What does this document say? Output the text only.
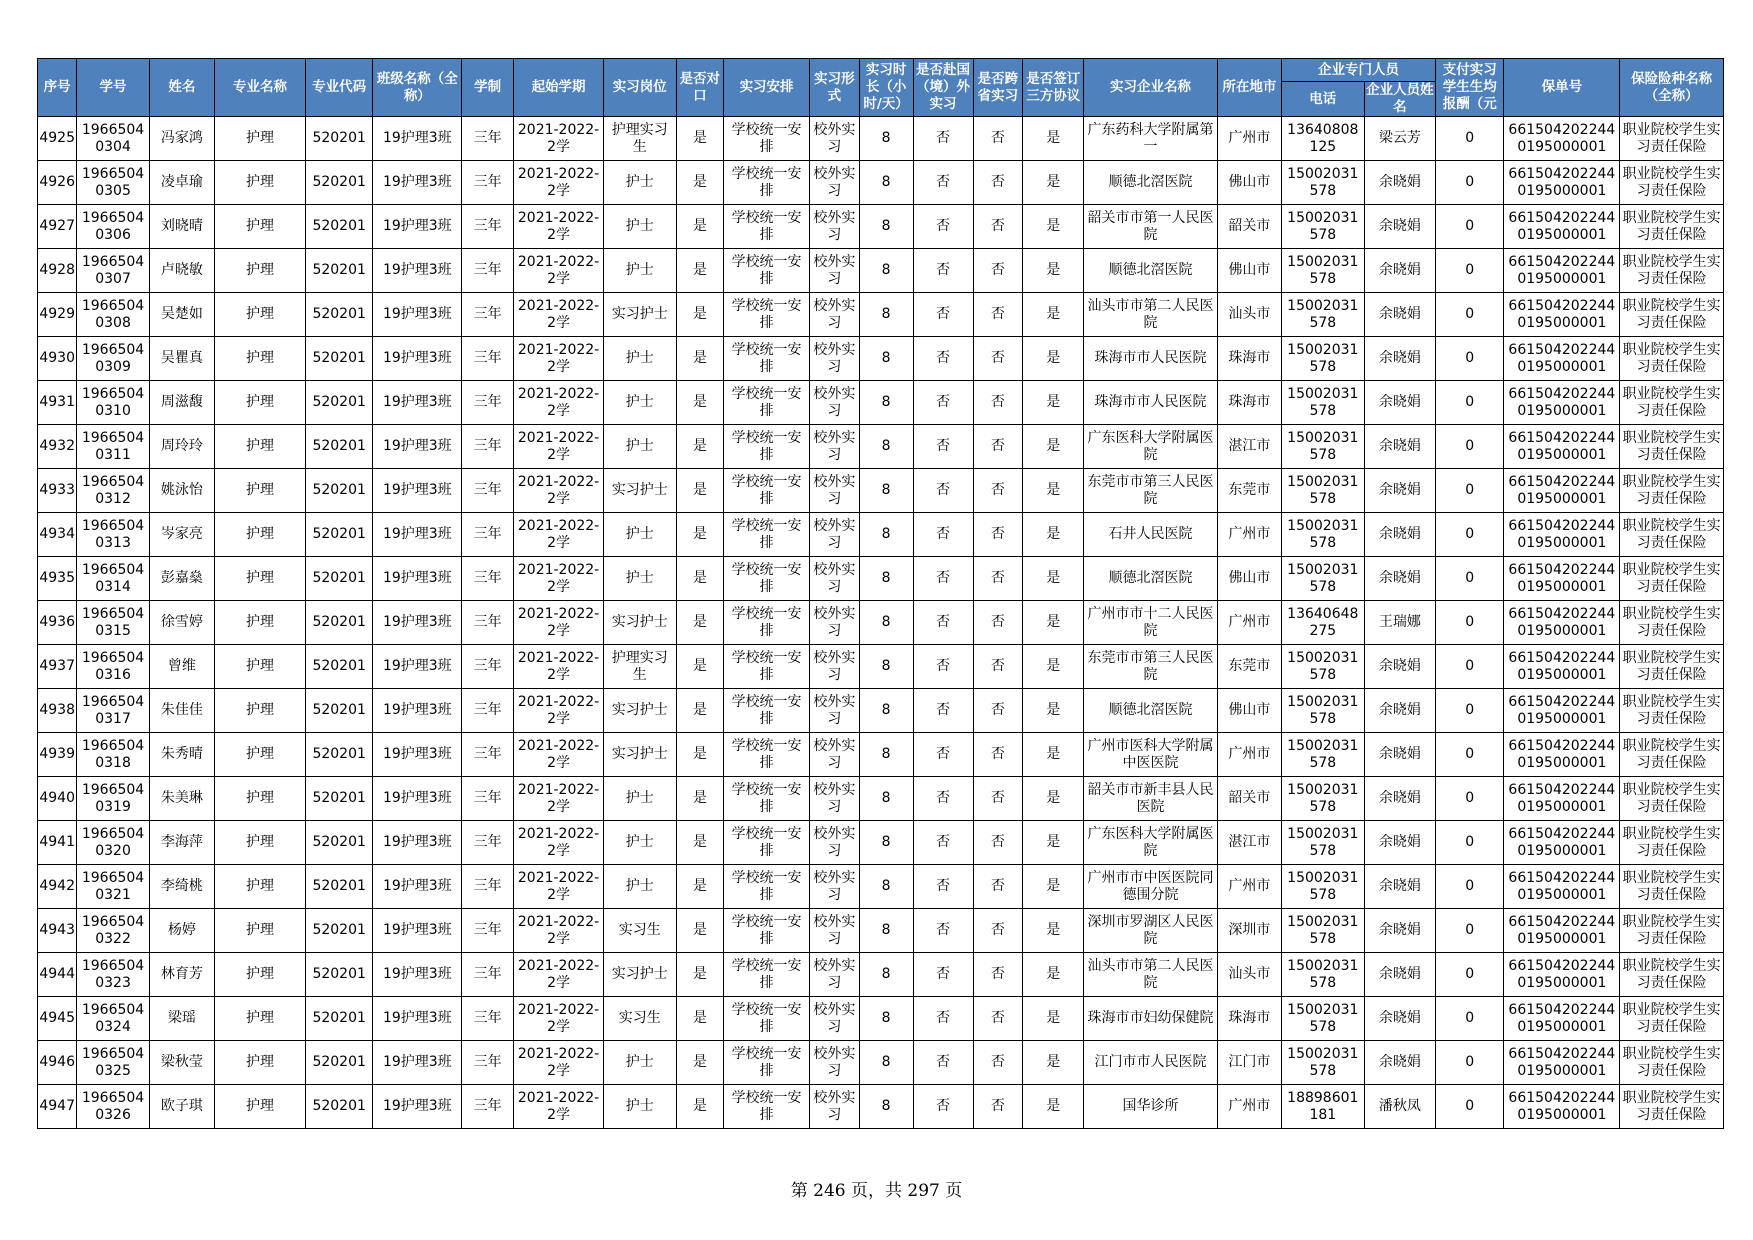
序号	学号	姓名	专业名称	专业代码	班级名称（全称）	学制	起始学期	实习岗位	是否对口	实习安排	实习形式	实习时长（小时/天）	是否赴国（境）外实习	是否跨省实习	是否签订三方协议	实习企业名称	所在地市	企业专门人员		支付实习学生生均报酬（元	保单号	保险险种名称（全称）
																		电话	企业人员姓名			

4925	19665040304	冯家鸿	护理	520201	19护理3班	三年	2021-2022-2学	护理实习生	是	学校统一安排	校外实习	8	否	否	是	广东药科大学附属第一	广州市	13640808125	梁云芳	0	6615042022440195000001	职业院校学生实习责任保险

4926	19665040305	凌卓瑜	护理	520201	19护理3班	三年	2021-2022-2学	护士	是	学校统一安排	校外实习	8	否	否	是	顺德北滘医院	佛山市	15002031578	余晓娟	0	6615042022440195000001	职业院校学生实习责任保险

4927	19665040306	刘晓晴	护理	520201	19护理3班	三年	2021-2022-2学	护士	是	学校统一安排	校外实习	8	否	否	是	韶关市市第一人民医院	韶关市	15002031578	余晓娟	0	6615042022440195000001	职业院校学生实习责任保险

4928	19665040307	卢晓敏	护理	520201	19护理3班	三年	2021-2022-2学	护士	是	学校统一安排	校外实习	8	否	否	是	顺德北滘医院	佛山市	15002031578	余晓娟	0	6615042022440195000001	职业院校学生实习责任保险

4929	19665040308	吴楚如	护理	520201	19护理3班	三年	2021-2022-2学	实习护士	是	学校统一安排	校外实习	8	否	否	是	汕头市市第二人民医院	汕头市	15002031578	余晓娟	0	6615042022440195000001	职业院校学生实习责任保险

4930	19665040309	吴瞿真	护理	520201	19护理3班	三年	2021-2022-2学	护士	是	学校统一安排	校外实习	8	否	否	是	珠海市市人民医院	珠海市	15002031578	余晓娟	0	6615042022440195000001	职业院校学生实习责任保险

4931	19665040310	周滋馥	护理	520201	19护理3班	三年	2021-2022-2学	护士	是	学校统一安排	校外实习	8	否	否	是	珠海市市人民医院	珠海市	15002031578	余晓娟	0	6615042022440195000001	职业院校学生实习责任保险

4932	19665040311	周玲玲	护理	520201	19护理3班	三年	2021-2022-2学	护士	是	学校统一安排	校外实习	8	否	否	是	广东医科大学附属医院	湛江市	15002031578	余晓娟	0	6615042022440195000001	职业院校学生实习责任保险

4933	19665040312	姚泳怡	护理	520201	19护理3班	三年	2021-2022-2学	实习护士	是	学校统一安排	校外实习	8	否	否	是	东莞市市第三人民医院	东莞市	15002031578	余晓娟	0	6615042022440195000001	职业院校学生实习责任保险

4934	19665040313	岑家亮	护理	520201	19护理3班	三年	2021-2022-2学	护士	是	学校统一安排	校外实习	8	否	否	是	石井人民医院	广州市	15002031578	余晓娟	0	6615042022440195000001	职业院校学生实习责任保险

4935	19665040314	彭嘉燊	护理	520201	19护理3班	三年	2021-2022-2学	护士	是	学校统一安排	校外实习	8	否	否	是	顺德北滘医院	佛山市	15002031578	余晓娟	0	6615042022440195000001	职业院校学生实习责任保险

4936	19665040315	徐雪婷	护理	520201	19护理3班	三年	2021-2022-2学	实习护士	是	学校统一安排	校外实习	8	否	否	是	广州市市十二人民医院	广州市	13640648275	王瑞娜	0	6615042022440195000001	职业院校学生实习责任保险

4937	19665040316	曾维	护理	520201	19护理3班	三年	2021-2022-2学	护理实习生	是	学校统一安排	校外实习	8	否	否	是	东莞市市第三人民医院	东莞市	15002031578	余晓娟	0	6615042022440195000001	职业院校学生实习责任保险

4938	19665040317	朱佳佳	护理	520201	19护理3班	三年	2021-2022-2学	实习护士	是	学校统一安排	校外实习	8	否	否	是	顺德北滘医院	佛山市	15002031578	余晓娟	0	6615042022440195000001	职业院校学生实习责任保险

4939	19665040318	朱秀晴	护理	520201	19护理3班	三年	2021-2022-2学	实习护士	是	学校统一安排	校外实习	8	否	否	是	广州市医科大学附属中医医院	广州市	15002031578	余晓娟	0	6615042022440195000001	职业院校学生实习责任保险

4940	19665040319	朱美琳	护理	520201	19护理3班	三年	2021-2022-2学	护士	是	学校统一安排	校外实习	8	否	否	是	韶关市市新丰县人民医院	韶关市	15002031578	余晓娟	0	6615042022440195000001	职业院校学生实习责任保险

4941	19665040320	李海萍	护理	520201	19护理3班	三年	2021-2022-2学	护士	是	学校统一安排	校外实习	8	否	否	是	广东医科大学附属医院	湛江市	15002031578	余晓娟	0	6615042022440195000001	职业院校学生实习责任保险

4942	19665040321	李绮桃	护理	520201	19护理3班	三年	2021-2022-2学	护士	是	学校统一安排	校外实习	8	否	否	是	广州市市中医医院同德围分院	广州市	15002031578	余晓娟	0	6615042022440195000001	职业院校学生实习责任保险

4943	19665040322	杨婷	护理	520201	19护理3班	三年	2021-2022-2学	实习生	是	学校统一安排	校外实习	8	否	否	是	深圳市罗湖区人民医院	深圳市	15002031578	余晓娟	0	6615042022440195000001	职业院校学生实习责任保险

4944	19665040323	林育芳	护理	520201	19护理3班	三年	2021-2022-2学	实习护士	是	学校统一安排	校外实习	8	否	否	是	汕头市市第二人民医院	汕头市	15002031578	余晓娟	0	6615042022440195000001	职业院校学生实习责任保险

4945	19665040324	梁瑶	护理	520201	19护理3班	三年	2021-2022-2学	实习生	是	学校统一安排	校外实习	8	否	否	是	珠海市市妇幼保健院	珠海市	15002031578	余晓娟	0	6615042022440195000001	职业院校学生实习责任保险

4946	19665040325	梁秋莹	护理	520201	19护理3班	三年	2021-2022-2学	护士	是	学校统一安排	校外实习	8	否	否	是	江门市市人民医院	江门市	15002031578	余晓娟	0	6615042022440195000001	职业院校学生实习责任保险

4947	19665040326	欧子琪	护理	520201	19护理3班	三年	2021-2022-2学	护士	是	学校统一安排	校外实习	8	否	否	是	国华诊所	广州市	18898601181	潘秋凤	0	6615042022440195000001	职业院校学生实习责任保险
第 246 页，共 297 页
